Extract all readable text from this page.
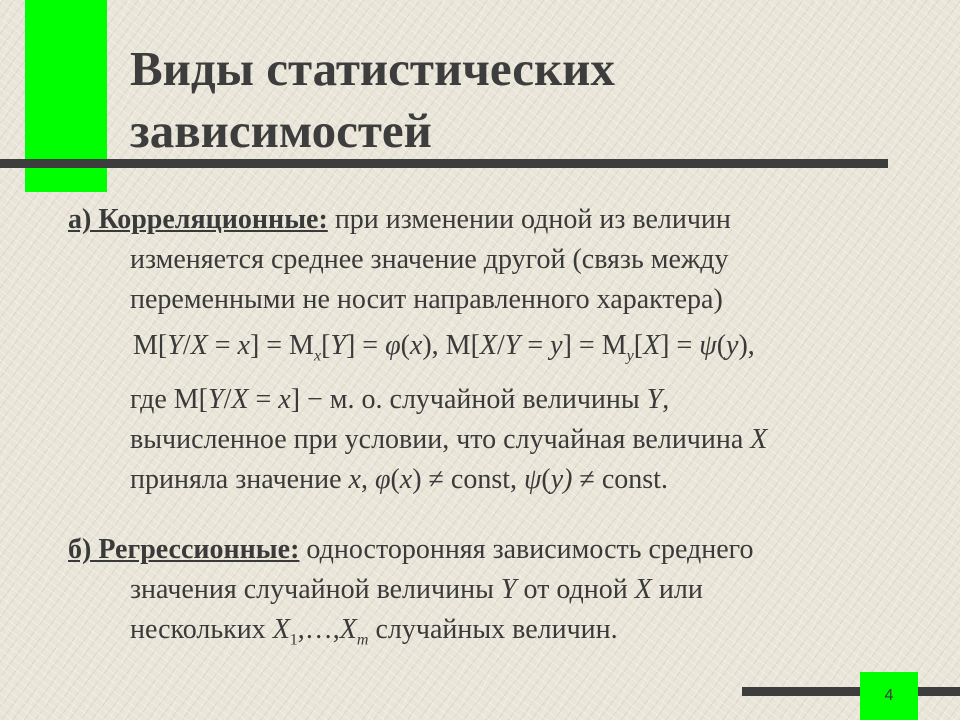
Виды статистических
зависимостей

а) Корреляционные: при изменении одной из величин
изменяется среднее значение другой (связь между
переменными не носит направленного характера)

$M[Y/X = x] = M_x[Y] = \varphi(x)$, $M[X/Y = y] = M_y[X] = \psi(y)$,

где M[Y/X = x] − м. о. случайной величины Y,
вычисленное при условии, что случайная величина X
приняла значение x, φ(x) ≠ const, ψ(y) ≠ const.

б) Регрессионные: односторонняя зависимость среднего
значения случайной величины Y от одной X или
нескольких $X_1,\dots,X_m$ случайных величин.

4
